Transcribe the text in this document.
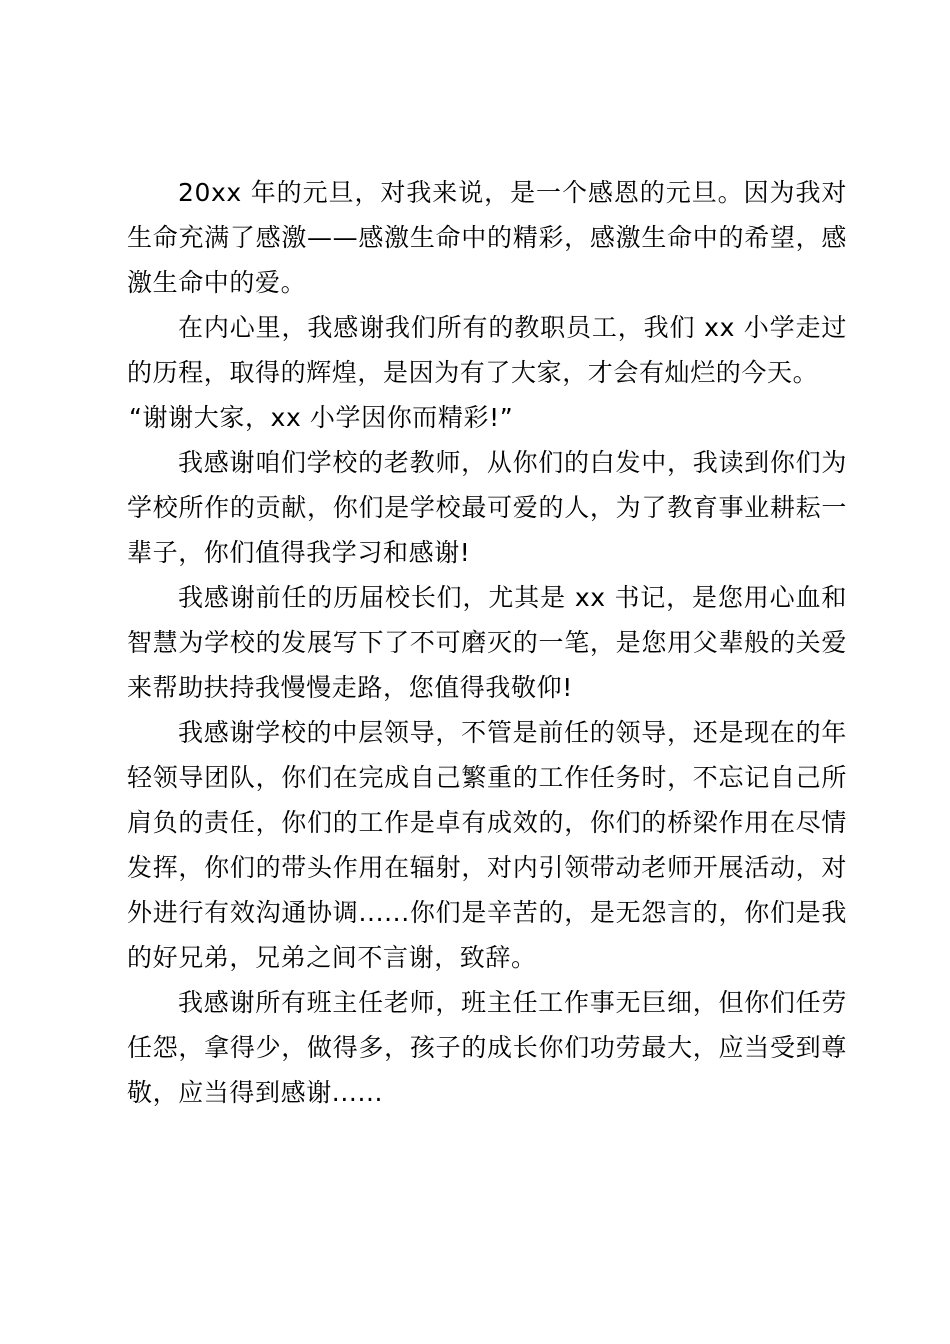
20xx 年的元旦，对我来说，是一个感恩的元旦。因为我对生命充满了感激——感激生命中的精彩，感激生命中的希望，感激生命中的爱。

在内心里，我感谢我们所有的教职员工，我们 xx 小学走过的历程，取得的辉煌，是因为有了大家，才会有灿烂的今天。

“谢谢大家，xx 小学因你而精彩!”

我感谢咱们学校的老教师，从你们的白发中，我读到你们为学校所作的贡献，你们是学校最可爱的人，为了教育事业耕耘一辈子，你们值得我学习和感谢!

我感谢前任的历届校长们，尤其是 xx 书记，是您用心血和智慧为学校的发展写下了不可磨灭的一笔，是您用父辈般的关爱来帮助扶持我慢慢走路，您值得我敬仰!

我感谢学校的中层领导，不管是前任的领导，还是现在的年轻领导团队，你们在完成自己繁重的工作任务时，不忘记自己所肩负的责任，你们的工作是卓有成效的，你们的桥梁作用在尽情发挥，你们的带头作用在辐射，对内引领带动老师开展活动，对外进行有效沟通协调......你们是辛苦的，是无怨言的，你们是我的好兄弟，兄弟之间不言谢，致辞。

我感谢所有班主任老师，班主任工作事无巨细，但你们任劳任怨，拿得少，做得多，孩子的成长你们功劳最大，应当受到尊敬，应当得到感谢......
